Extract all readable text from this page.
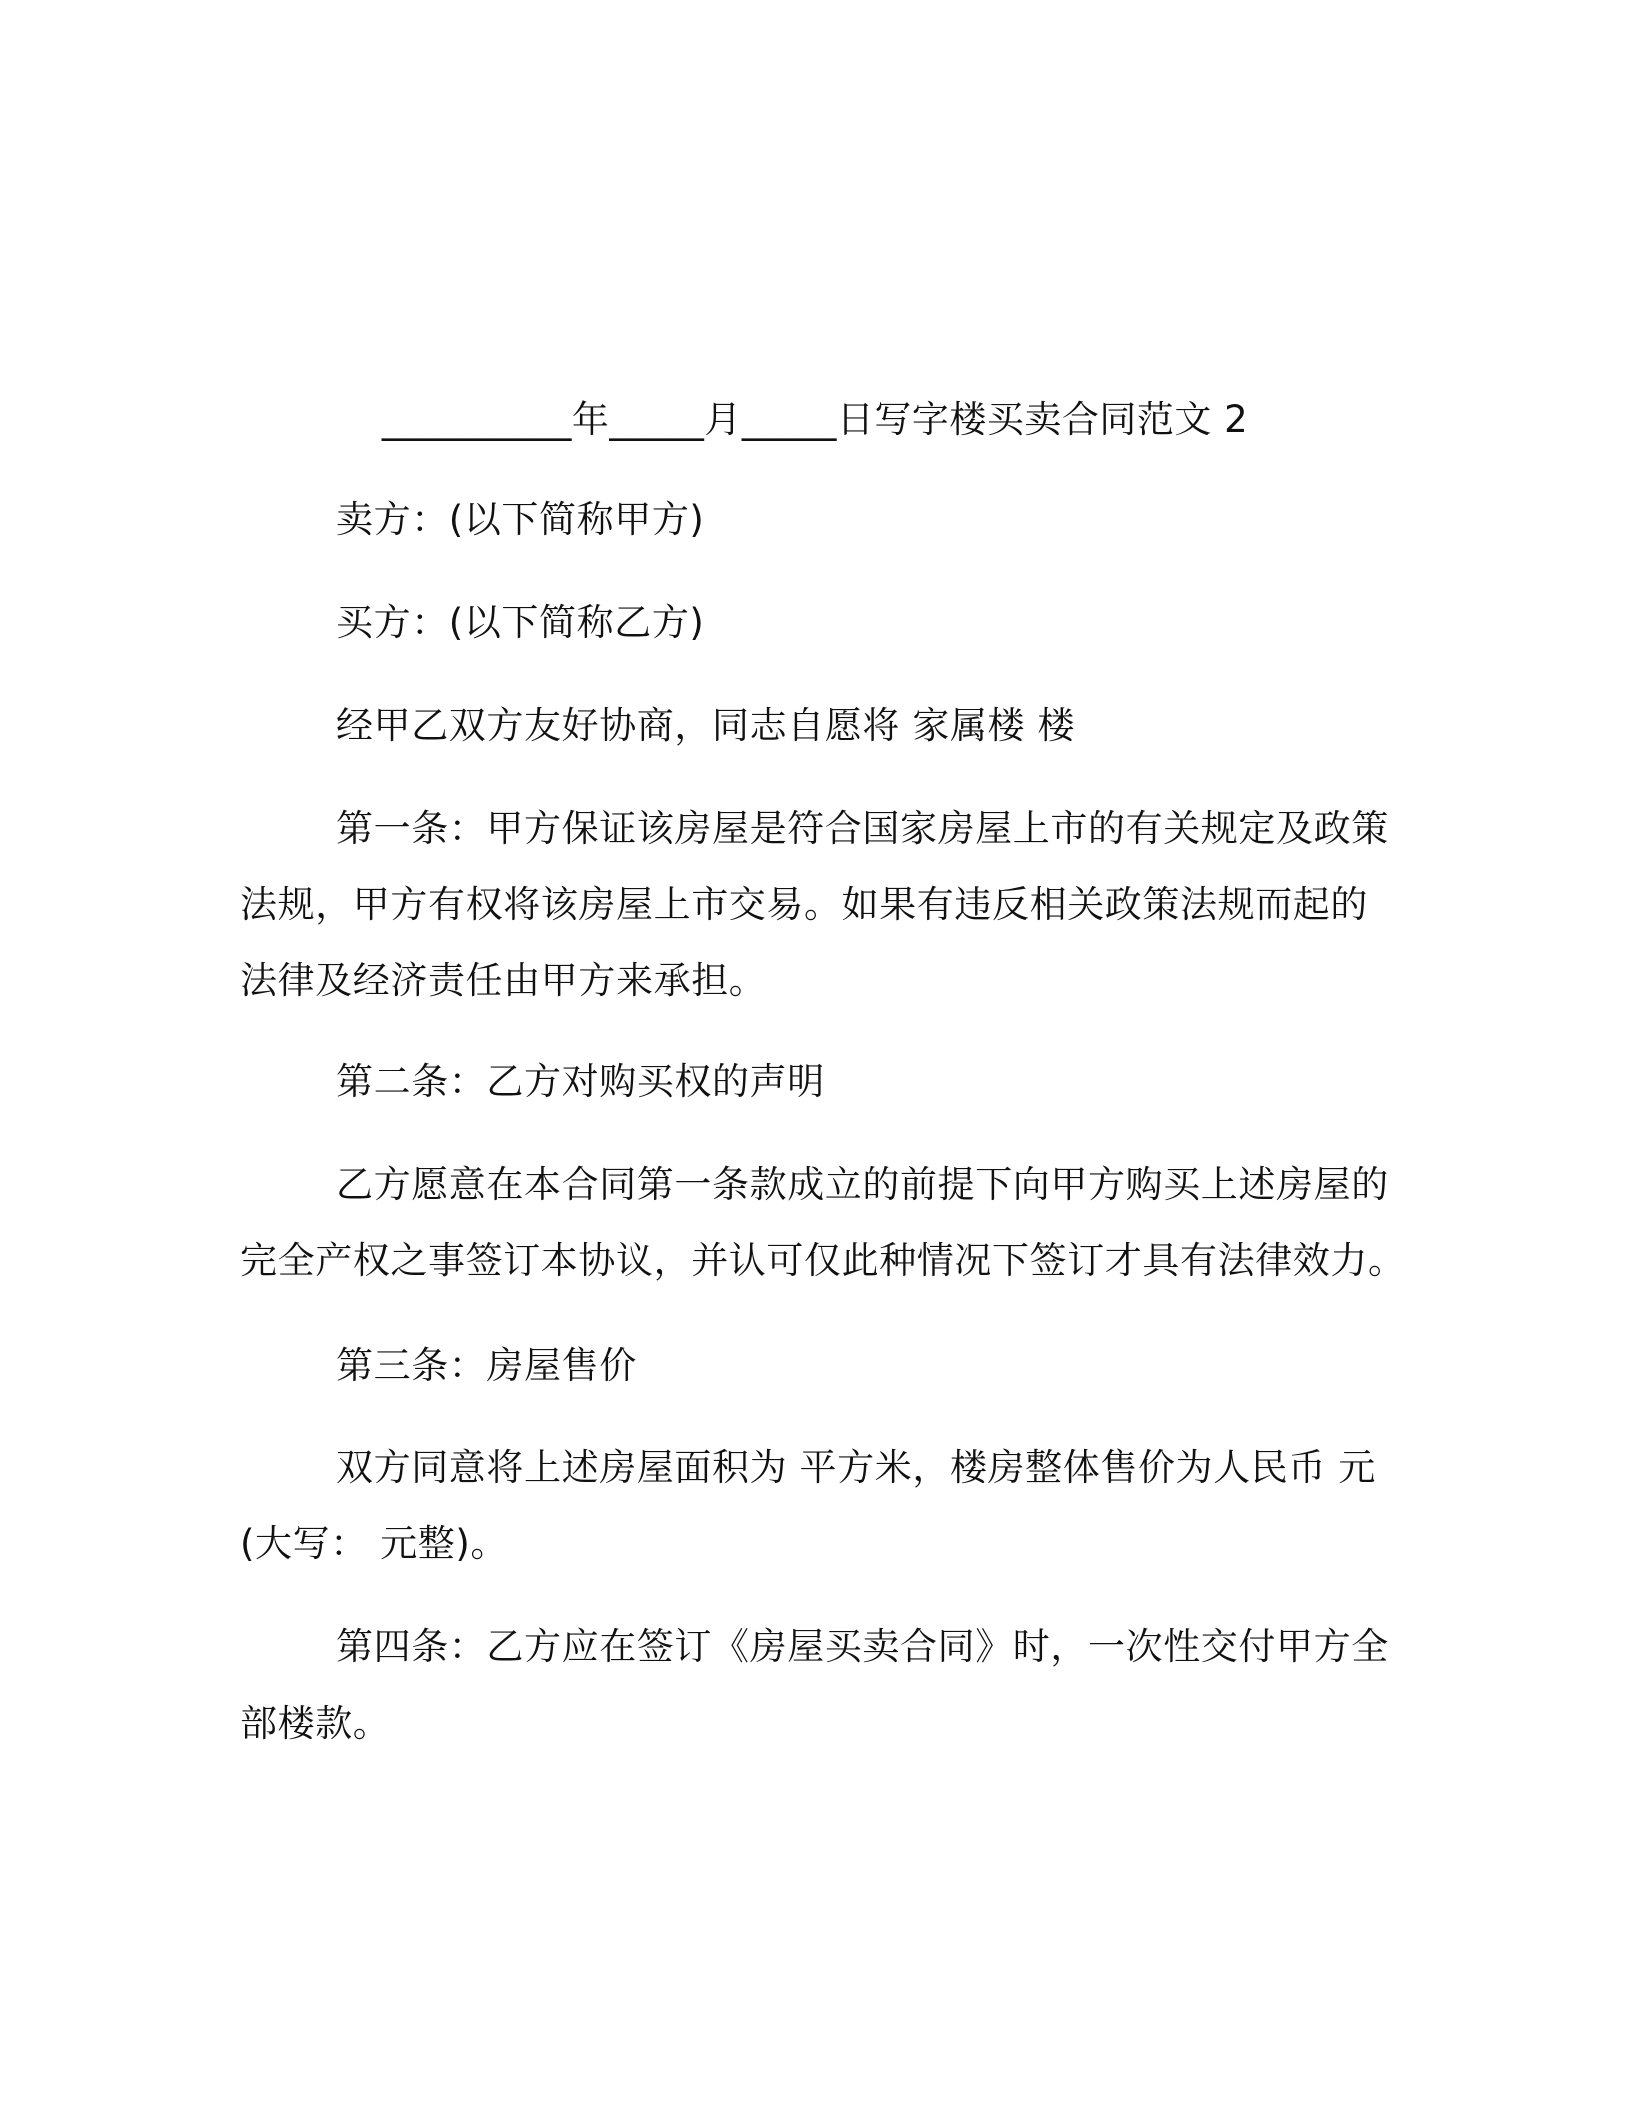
__________年_____月_____日写字楼买卖合同范文 2
卖方：(以下简称甲方)
买方：(以下简称乙方)
经甲乙双方友好协商，同志自愿将 家属楼 楼
第一条：甲方保证该房屋是符合国家房屋上市的有关规定及政策
法规，甲方有权将该房屋上市交易。如果有违反相关政策法规而起的
法律及经济责任由甲方来承担。
第二条：乙方对购买权的声明
乙方愿意在本合同第一条款成立的前提下向甲方购买上述房屋的
完全产权之事签订本协议，并认可仅此种情况下签订才具有法律效力。
第三条：房屋售价
双方同意将上述房屋面积为 平方米，楼房整体售价为人民币 元
(大写： 元整)。
第四条：乙方应在签订《房屋买卖合同》时，一次性交付甲方全
部楼款。
